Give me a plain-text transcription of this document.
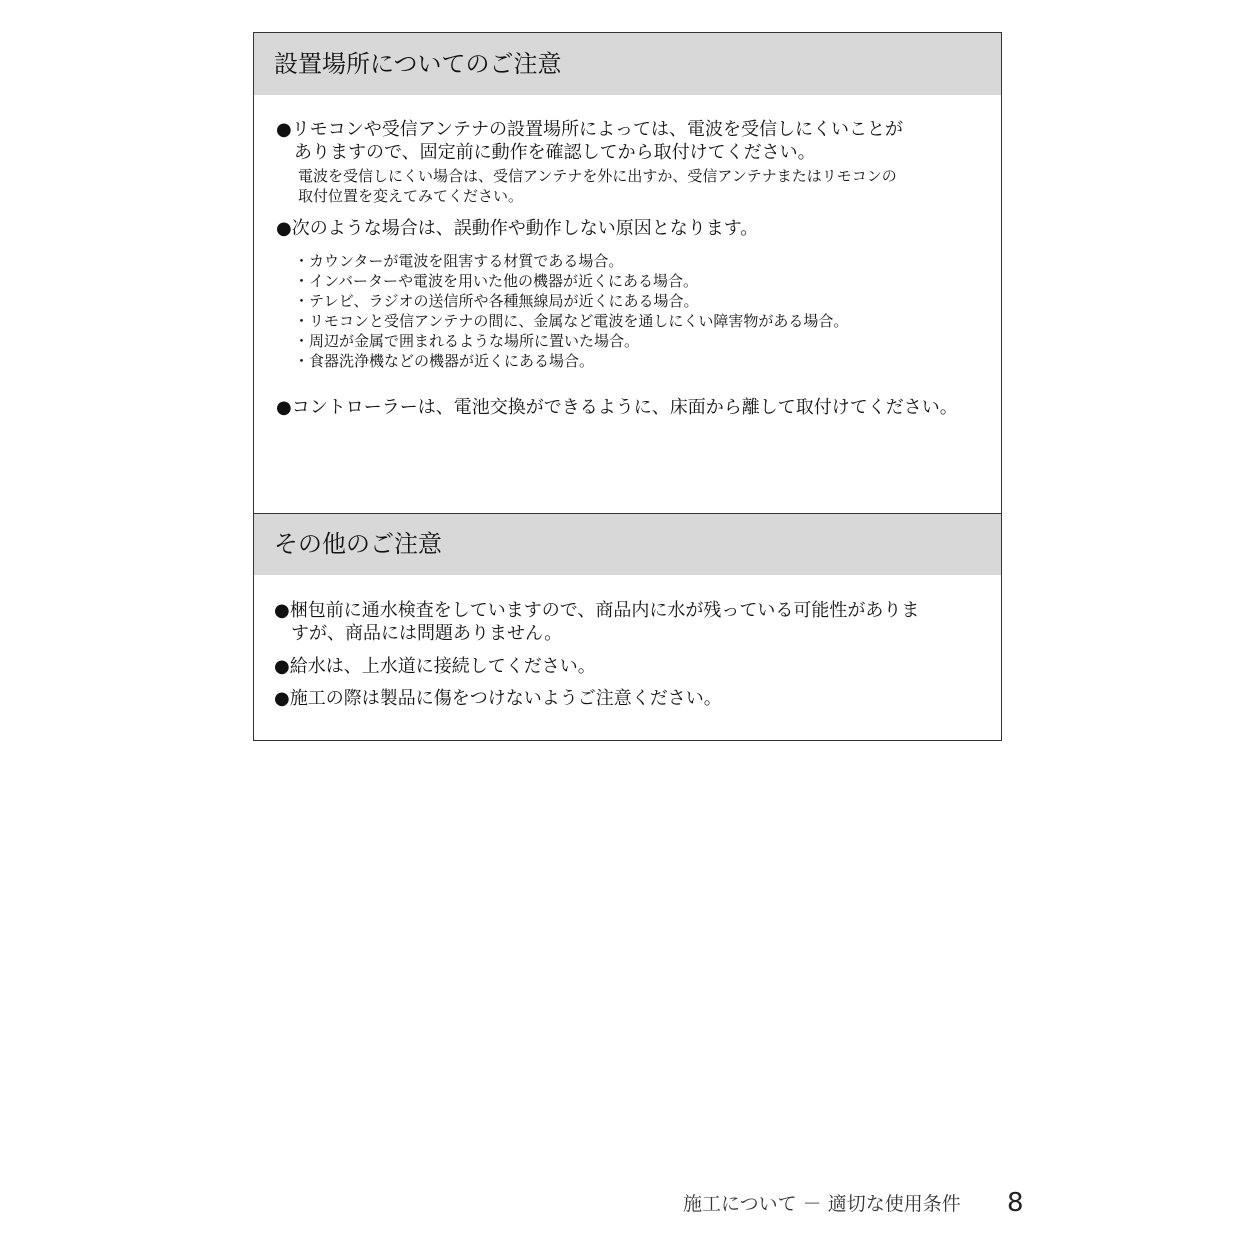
設置場所についてのご注意
●リモコンや受信アンテナの設置場所によっては、電波を受信しにくいことが
ありますので、固定前に動作を確認してから取付けてください。
電波を受信しにくい場合は、受信アンテナを外に出すか、受信アンテナまたはリモコンの
取付位置を変えてみてください。
●次のような場合は、誤動作や動作しない原因となります。
・カウンターが電波を阻害する材質である場合。
・インバーターや電波を用いた他の機器が近くにある場合。
・テレビ、ラジオの送信所や各種無線局が近くにある場合。
・リモコンと受信アンテナの間に、金属など電波を通しにくい障害物がある場合。
・周辺が金属で囲まれるような場所に置いた場合。
・食器洗浄機などの機器が近くにある場合。
●コントローラーは、電池交換ができるように、床面から離して取付けてください。
その他のご注意
●梱包前に通水検査をしていますので、商品内に水が残っている可能性がありま
すが、商品には問題ありません。
●給水は、上水道に接続してください。
●施工の際は製品に傷をつけないようご注意ください。
施工について － 適切な使用条件 8
